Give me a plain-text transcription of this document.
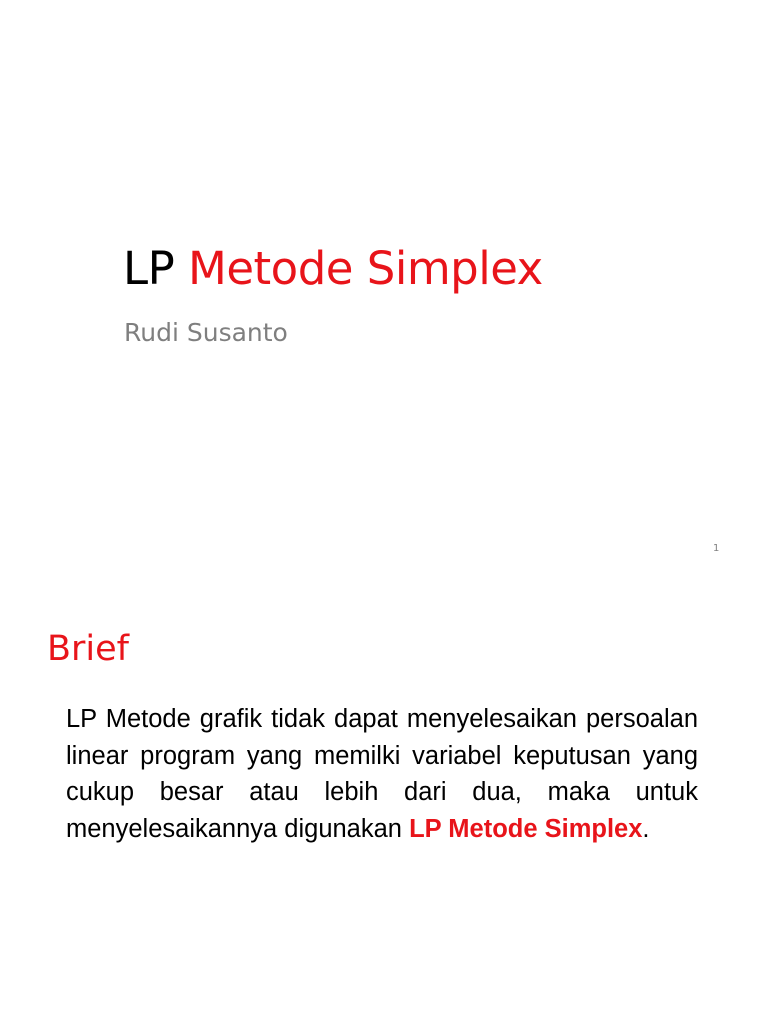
LP Metode Simplex
Rudi Susanto
1
Brief
LP Metode grafik tidak dapat menyelesaikan persoalan linear program yang memilki variabel keputusan yang cukup besar atau lebih dari dua, maka untuk menyelesaikannya digunakan LP Metode Simplex.
